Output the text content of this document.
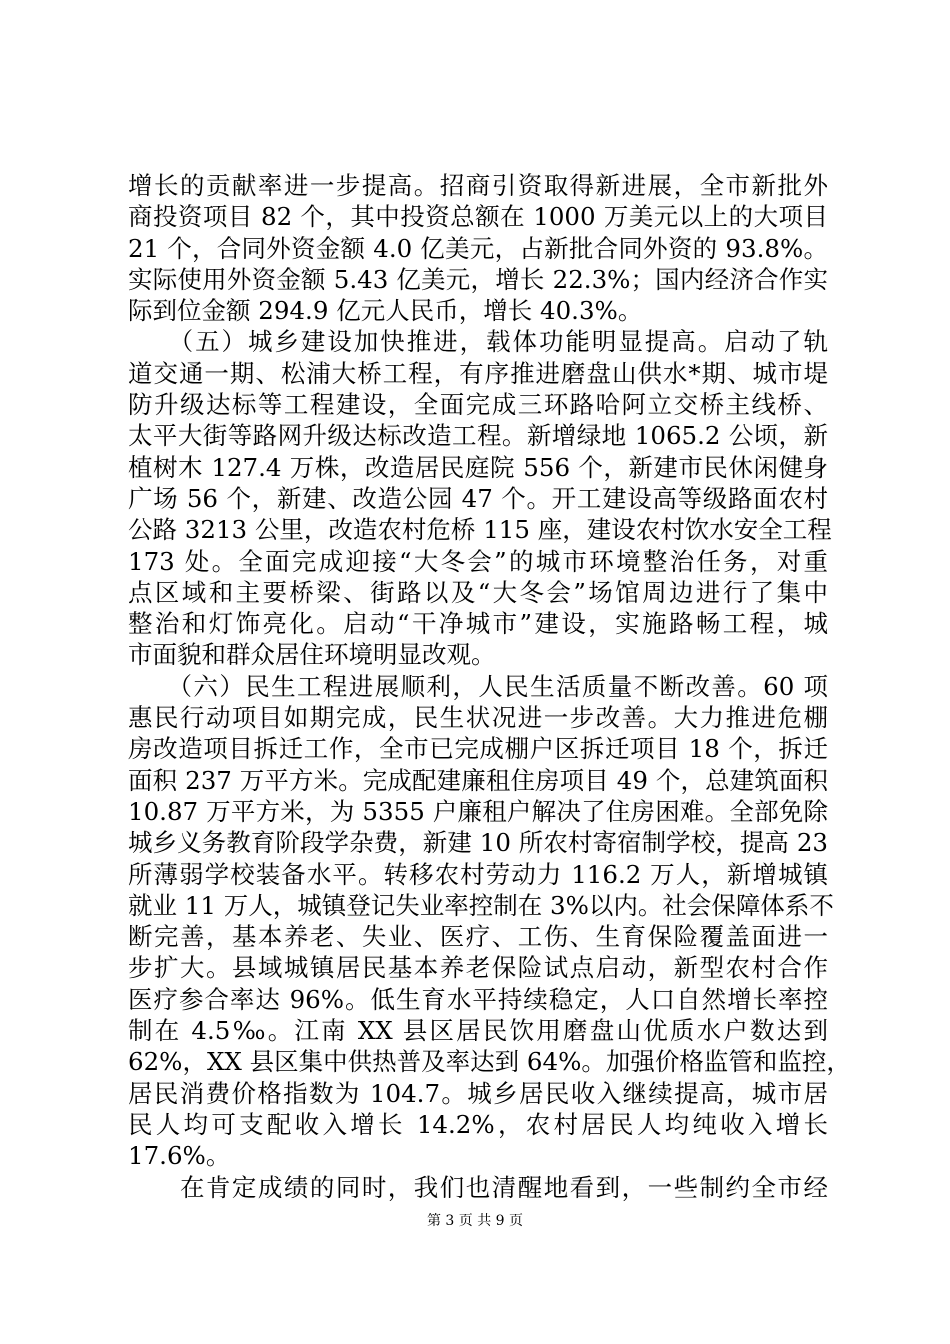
增长的贡献率进一步提高。招商引资取得新进展，全市新批外
商投资项目 82 个，其中投资总额在 1000 万美元以上的大项目
21 个，合同外资金额 4.0 亿美元，占新批合同外资的 93.8%。
实际使用外资金额 5.43 亿美元，增长 22.3%；国内经济合作实
际到位金额 294.9 亿元人民币，增长 40.3%。
　　（五）城乡建设加快推进，载体功能明显提高。启动了轨
道交通一期、松浦大桥工程，有序推进磨盘山供水*期、城市堤
防升级达标等工程建设，全面完成三环路哈阿立交桥主线桥、
太平大街等路网升级达标改造工程。新增绿地 1065.2 公顷，新
植树木 127.4 万株，改造居民庭院 556 个，新建市民休闲健身
广场 56 个，新建、改造公园 47 个。开工建设高等级路面农村
公路 3213 公里，改造农村危桥 115 座，建设农村饮水安全工程
173 处。全面完成迎接“大冬会”的城市环境整治任务，对重
点区域和主要桥梁、街路以及“大冬会”场馆周边进行了集中
整治和灯饰亮化。启动“干净城市”建设，实施路畅工程，城
市面貌和群众居住环境明显改观。
　　（六）民生工程进展顺利，人民生活质量不断改善。60 项
惠民行动项目如期完成，民生状况进一步改善。大力推进危棚
房改造项目拆迁工作，全市已完成棚户区拆迁项目 18 个，拆迁
面积 237 万平方米。完成配建廉租住房项目 49 个，总建筑面积
10.87 万平方米，为 5355 户廉租户解决了住房困难。全部免除
城乡义务教育阶段学杂费，新建 10 所农村寄宿制学校，提高 23
所薄弱学校装备水平。转移农村劳动力 116.2 万人，新增城镇
就业 11 万人，城镇登记失业率控制在 3%以内。社会保障体系不
断完善，基本养老、失业、医疗、工伤、生育保险覆盖面进一
步扩大。县域城镇居民基本养老保险试点启动，新型农村合作
医疗参合率达 96%。低生育水平持续稳定，人口自然增长率控
制在 4.5‰。江南 XX 县区居民饮用磨盘山优质水户数达到
62%，XX 县区集中供热普及率达到 64%。加强价格监管和监控，
居民消费价格指数为 104.7。城乡居民收入继续提高，城市居
民人均可支配收入增长 14.2%，农村居民人均纯收入增长
17.6%。
　　在肯定成绩的同时，我们也清醒地看到，一些制约全市经
第 3 页 共 9 页
